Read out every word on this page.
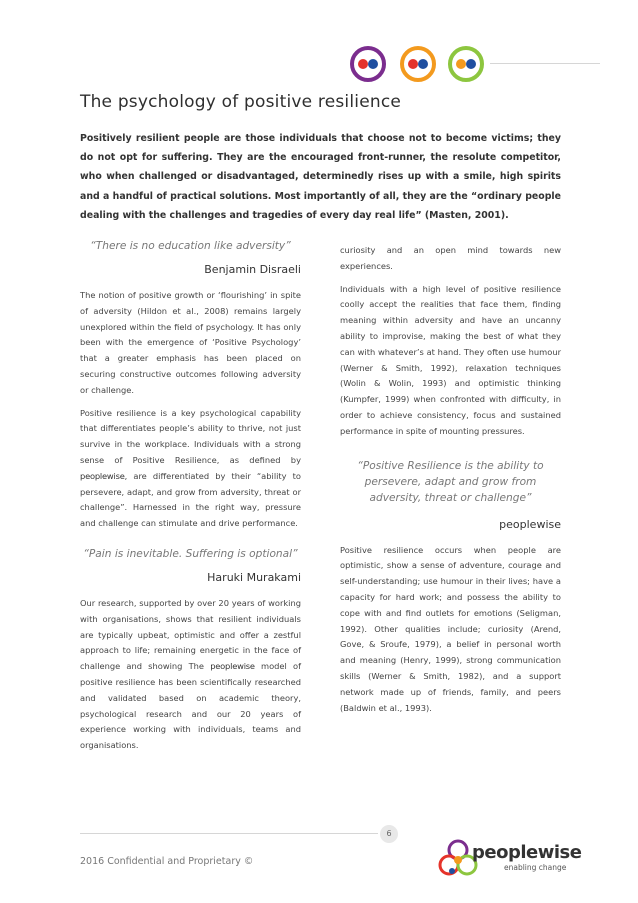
The psychology of positive resilience
Positively resilient people are those individuals that choose not to become victims; they do not opt for suffering. They are the encouraged front-runner, the resolute competitor, who when challenged or disadvantaged, determinedly rises up with a smile, high spirits and a handful of practical solutions. Most importantly of all, they are the “ordinary people dealing with the challenges and tragedies of every day real life” (Masten, 2001).

“There is no education like adversity”

Benjamin Disraeli

The notion of positive growth or ‘flourishing’ in spite of adversity (Hildon et al., 2008) remains largely unexplored within the field of psychology. It has only been with the emergence of ‘Positive Psychology’ that a greater emphasis has been placed on securing constructive outcomes following adversity or challenge.

Positive resilience is a key psychological capability that differentiates people’s ability to thrive, not just survive in the workplace. Individuals with a strong sense of Positive Resilience, as defined by peoplewise, are differentiated by their “ability to persevere, adapt, and grow from adversity, threat or challenge”. Harnessed in the right way, pressure and challenge can stimulate and drive performance.

“Pain is inevitable. Suffering is optional”

Haruki Murakami

Our research, supported by over 20 years of working with organisations, shows that resilient individuals are typically upbeat, optimistic and offer a zestful approach to life; remaining energetic in the face of challenge and showing The peoplewise model of positive resilience has been scientifically researched and validated based on academic theory, psychological research and our 20 years of experience working with individuals, teams and organisations.

curiosity and an open mind towards new experiences.

Individuals with a high level of positive resilience coolly accept the realities that face them, finding meaning within adversity and have an uncanny ability to improvise, making the best of what they can with whatever’s at hand. They often use humour (Werner & Smith, 1992), relaxation techniques (Wolin & Wolin, 1993) and optimistic thinking (Kumpfer, 1999) when confronted with difficulty, in order to achieve consistency, focus and sustained performance in spite of mounting pressures.

“Positive Resilience is the ability to persevere, adapt and grow from adversity, threat or challenge”

peoplewise

Positive resilience occurs when people are optimistic, show a sense of adventure, courage and self-understanding; use humour in their lives; have a capacity for hard work; and possess the ability to cope with and find outlets for emotions (Seligman, 1992). Other qualities include; curiosity (Arend, Gove, & Sroufe, 1979), a belief in personal worth and meaning (Henry, 1999), strong communication skills (Werner & Smith, 1982), and a support network made up of friends, family, and peers (Baldwin et al., 1993).

6
2016 Confidential and Proprietary ©	peoplewise
enabling change
